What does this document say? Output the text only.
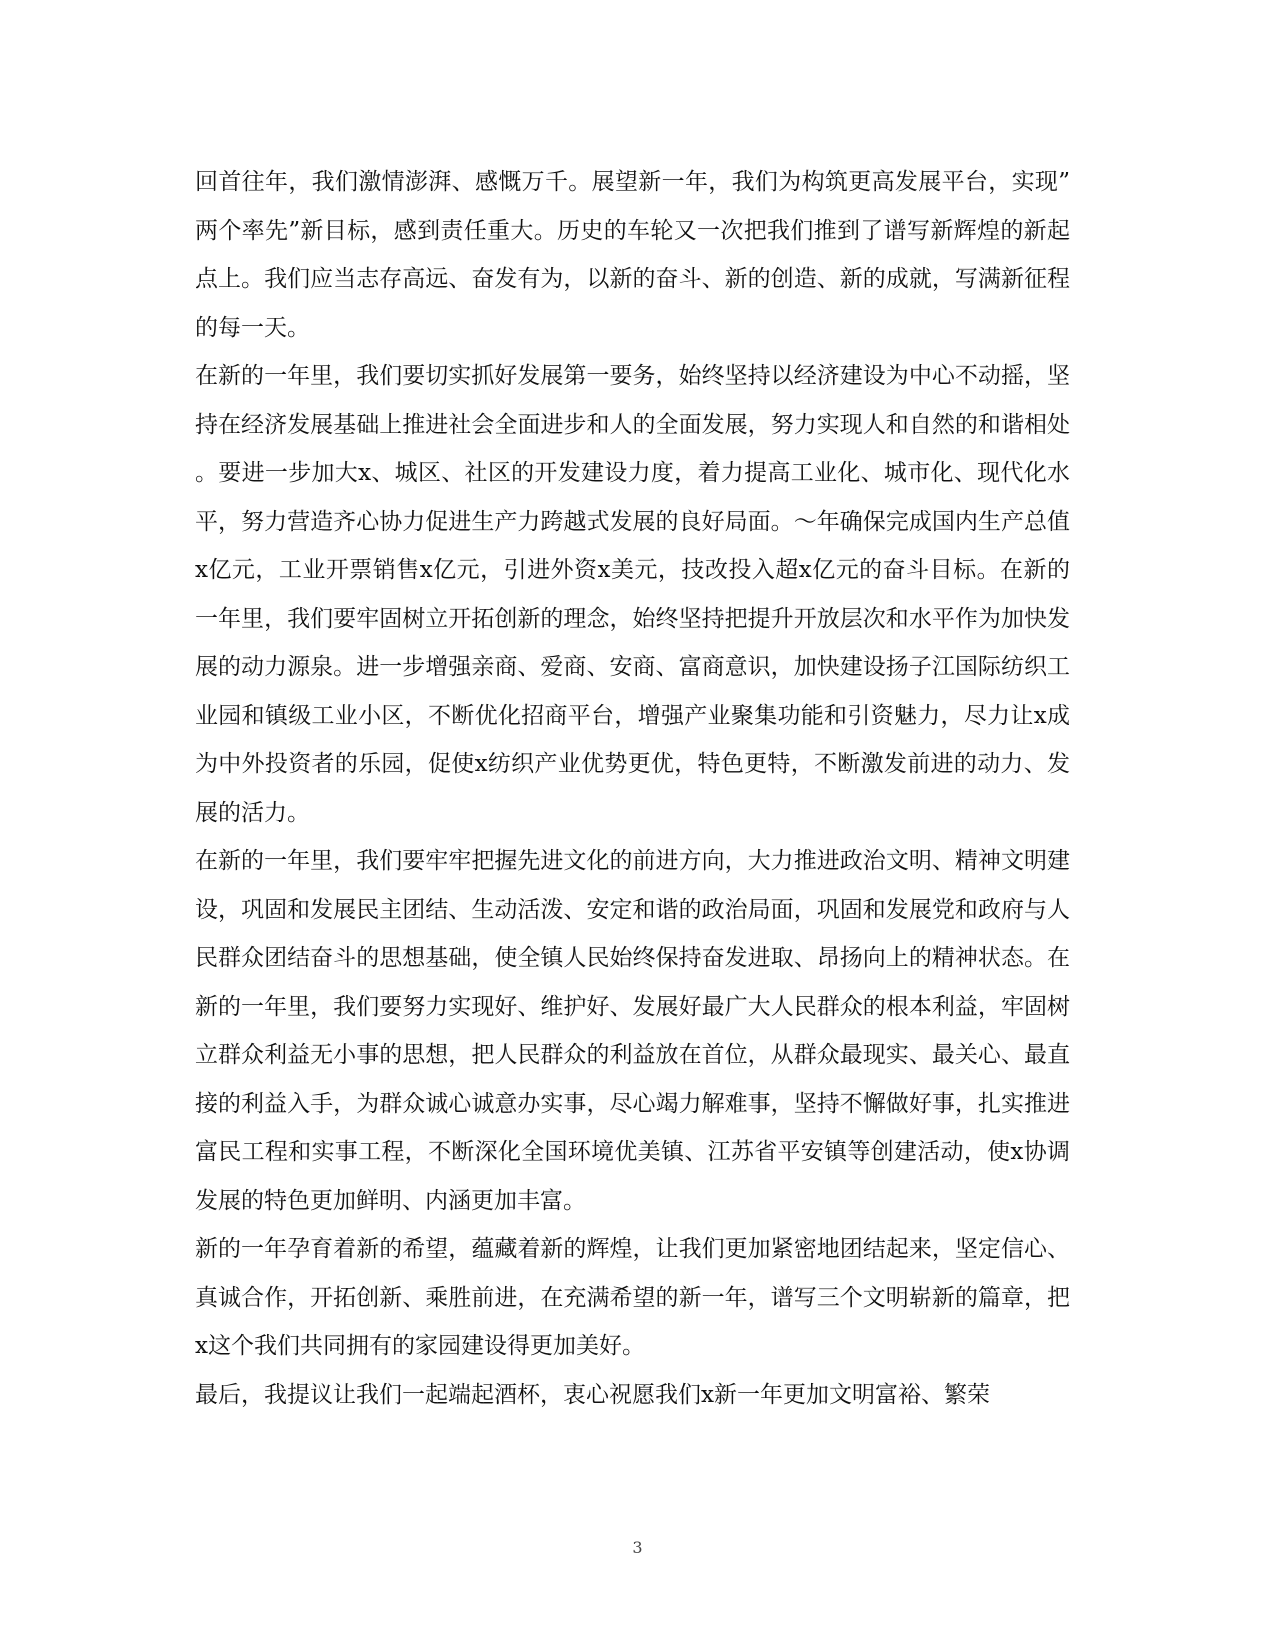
回首往年，我们激情澎湃、感慨万千。展望新一年，我们为构筑更高发展平台，实现”两个率先”新目标，感到责任重大。历史的车轮又一次把我们推到了谱写新辉煌的新起点上。我们应当志存高远、奋发有为，以新的奋斗、新的创造、新的成就，写满新征程的每一天。

在新的一年里，我们要切实抓好发展第一要务，始终坚持以经济建设为中心不动摇，坚持在经济发展基础上推进社会全面进步和人的全面发展，努力实现人和自然的和谐相处。要进一步加大x、城区、社区的开发建设力度，着力提高工业化、城市化、现代化水平，努力营造齐心协力促进生产力跨越式发展的良好局面。～年确保完成国内生产总值x亿元，工业开票销售x亿元，引进外资x美元，技改投入超x亿元的奋斗目标。在新的一年里，我们要牢固树立开拓创新的理念，始终坚持把提升开放层次和水平作为加快发展的动力源泉。进一步增强亲商、爱商、安商、富商意识，加快建设扬子江国际纺织工业园和镇级工业小区，不断优化招商平台，增强产业聚集功能和引资魅力，尽力让x成为中外投资者的乐园，促使x纺织产业优势更优，特色更特，不断激发前进的动力、发展的活力。

在新的一年里，我们要牢牢把握先进文化的前进方向，大力推进政治文明、精神文明建设，巩固和发展民主团结、生动活泼、安定和谐的政治局面，巩固和发展党和政府与人民群众团结奋斗的思想基础，使全镇人民始终保持奋发进取、昂扬向上的精神状态。在新的一年里，我们要努力实现好、维护好、发展好最广大人民群众的根本利益，牢固树立群众利益无小事的思想，把人民群众的利益放在首位，从群众最现实、最关心、最直接的利益入手，为群众诚心诚意办实事，尽心竭力解难事，坚持不懈做好事，扎实推进富民工程和实事工程，不断深化全国环境优美镇、江苏省平安镇等创建活动，使x协调发展的特色更加鲜明、内涵更加丰富。

新的一年孕育着新的希望，蕴藏着新的辉煌，让我们更加紧密地团结起来，坚定信心、真诚合作，开拓创新、乘胜前进，在充满希望的新一年，谱写三个文明崭新的篇章，把x这个我们共同拥有的家园建设得更加美好。

最后，我提议让我们一起端起酒杯，衷心祝愿我们x新一年更加文明富裕、繁荣

3
